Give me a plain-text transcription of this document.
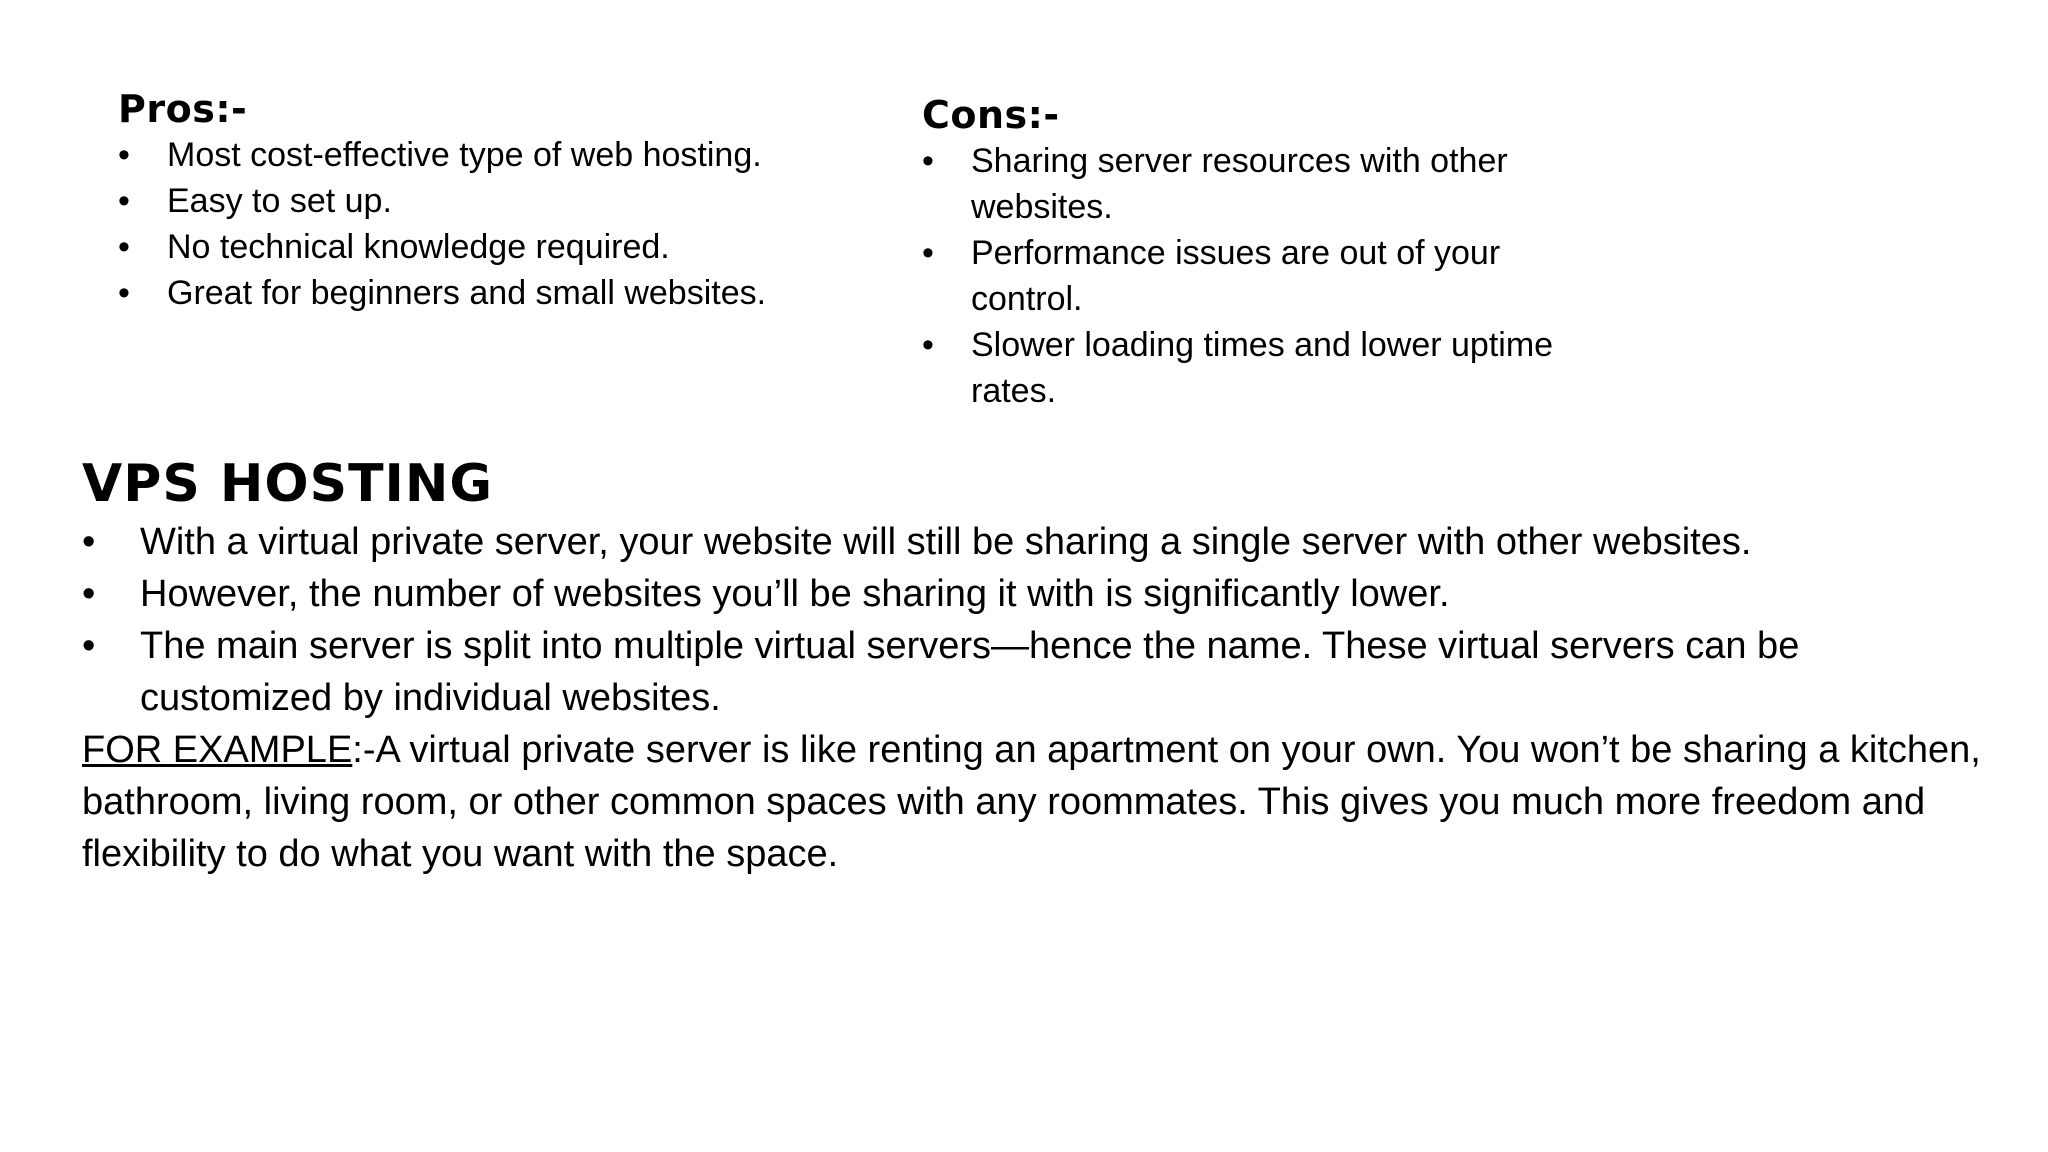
Pros:-
• Most cost-effective type of web hosting.
• Easy to set up.
• No technical knowledge required.
• Great for beginners and small websites.
Cons:-
• Sharing server resources with other websites.
• Performance issues are out of your control.
• Slower loading times and lower uptime rates.
VPS HOSTING
• With a virtual private server, your website will still be sharing a single server with other websites.
• However, the number of websites you’ll be sharing it with is significantly lower.
• The main server is split into multiple virtual servers—hence the name. These virtual servers can be customized by individual websites.

FOR EXAMPLE:-A virtual private server is like renting an apartment on your own. You won’t be sharing a kitchen, bathroom, living room, or other common spaces with any roommates. This gives you much more freedom and flexibility to do what you want with the space.
